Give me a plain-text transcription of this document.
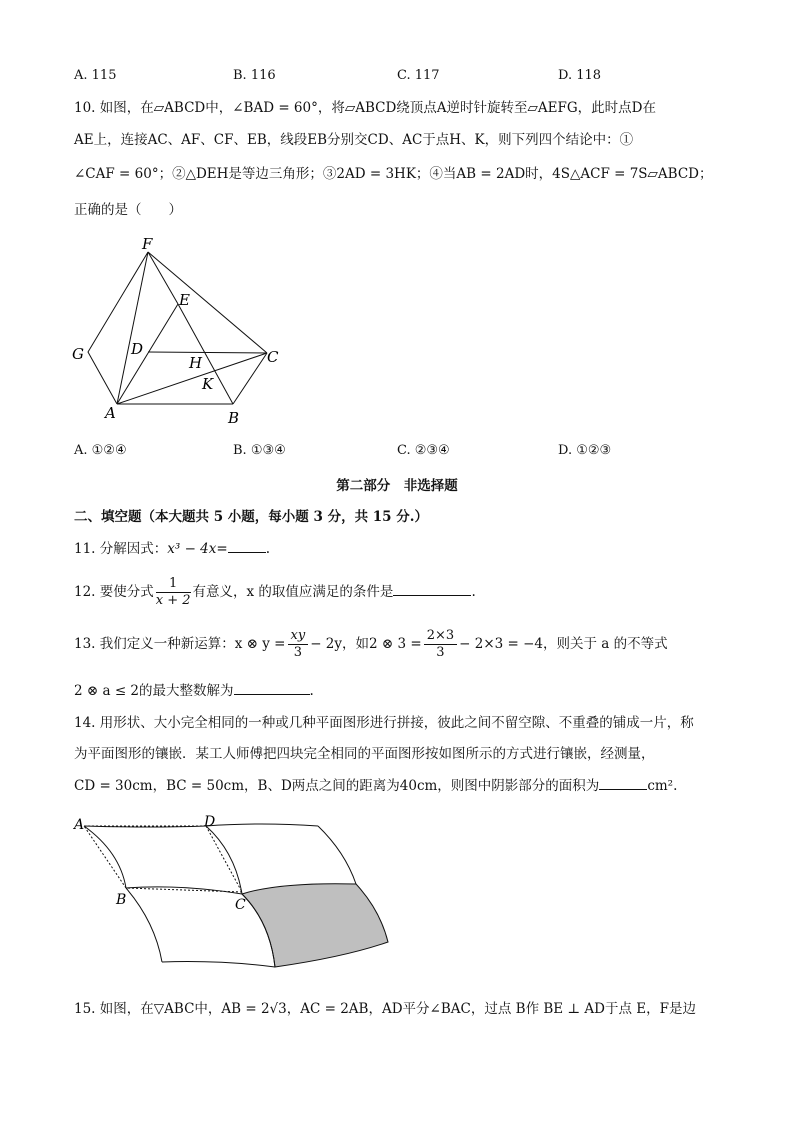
A. 115	B. 116	C. 117	D. 118
10. 如图，在▱ABCD中，∠BAD = 60°，将▱ABCD绕顶点A逆时针旋转至▱AEFG，此时点D在
AE上，连接AC、AF、CF、EB，线段EB分别交CD、AC于点H、K，则下列四个结论中：①
∠CAF = 60°；②△DEH是等边三角形；③2AD = 3HK；④当AB = 2AD时，4S△ACF = 7S▱ABCD；
正确的是（　　）
F
E
G	D
H	C
K
A	B
A. ①②④	B. ①③④	C. ②③④	D. ①②③
第二部分　非选择题
二、填空题（本大题共 5 小题，每小题 3 分，共 15 分.）
11. 分解因式：x³ − 4x=	.
12. 要使分式 $\frac{1}{x + 2}$ 有意义，x 的取值应满足的条件是	.
13. 我们定义一种新运算：x ⊗ $y = \frac{xy}{3} - 2y$，如2 ⊗ $3 = \frac{2\times 3}{3} - 2\times 3 = -4$，则关于 a 的不等式
2 ⊗ a ≤ 2的最大整数解为	.
14. 用形状、大小完全相同的一种或几种平面图形进行拼接，彼此之间不留空隙、不重叠的铺成一片，称
为平面图形的镶嵌．某工人师傅把四块完全相同的平面图形按如图所示的方式进行镶嵌，经测量，
CD = 30cm，BC = 50cm，B、D两点之间的距离为40cm，则图中阴影部分的面积为	cm².
A	D
B	C
15. 如图，在▽ABC中，AB = 2√3，AC = 2AB，AD平分∠BAC，过点 B作 BE ⊥ AD于点 E，F是边
